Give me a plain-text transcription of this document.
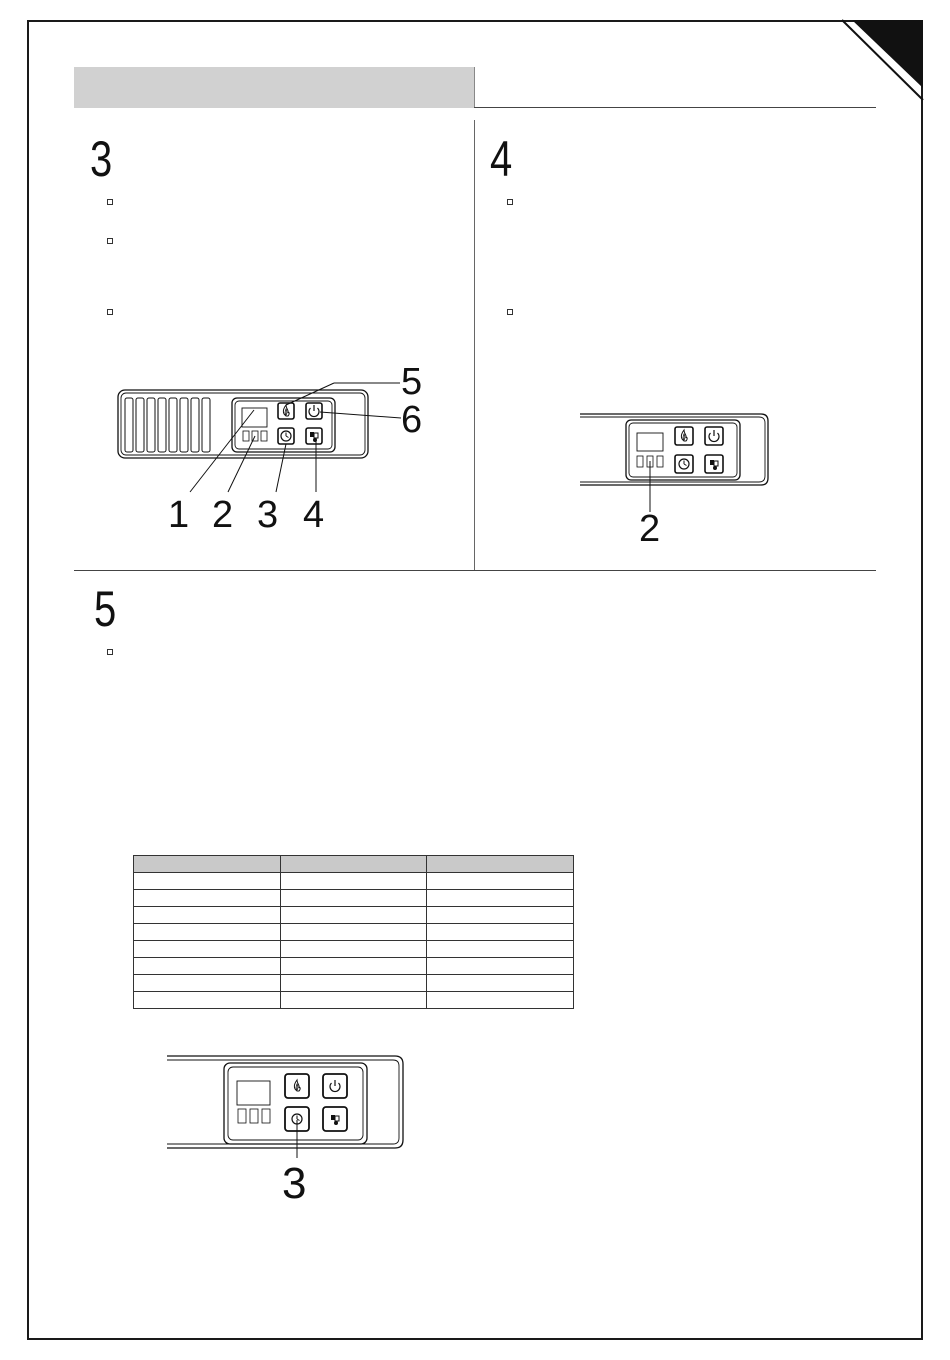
3	4
5
5
6
1 2 3 4	2
3
